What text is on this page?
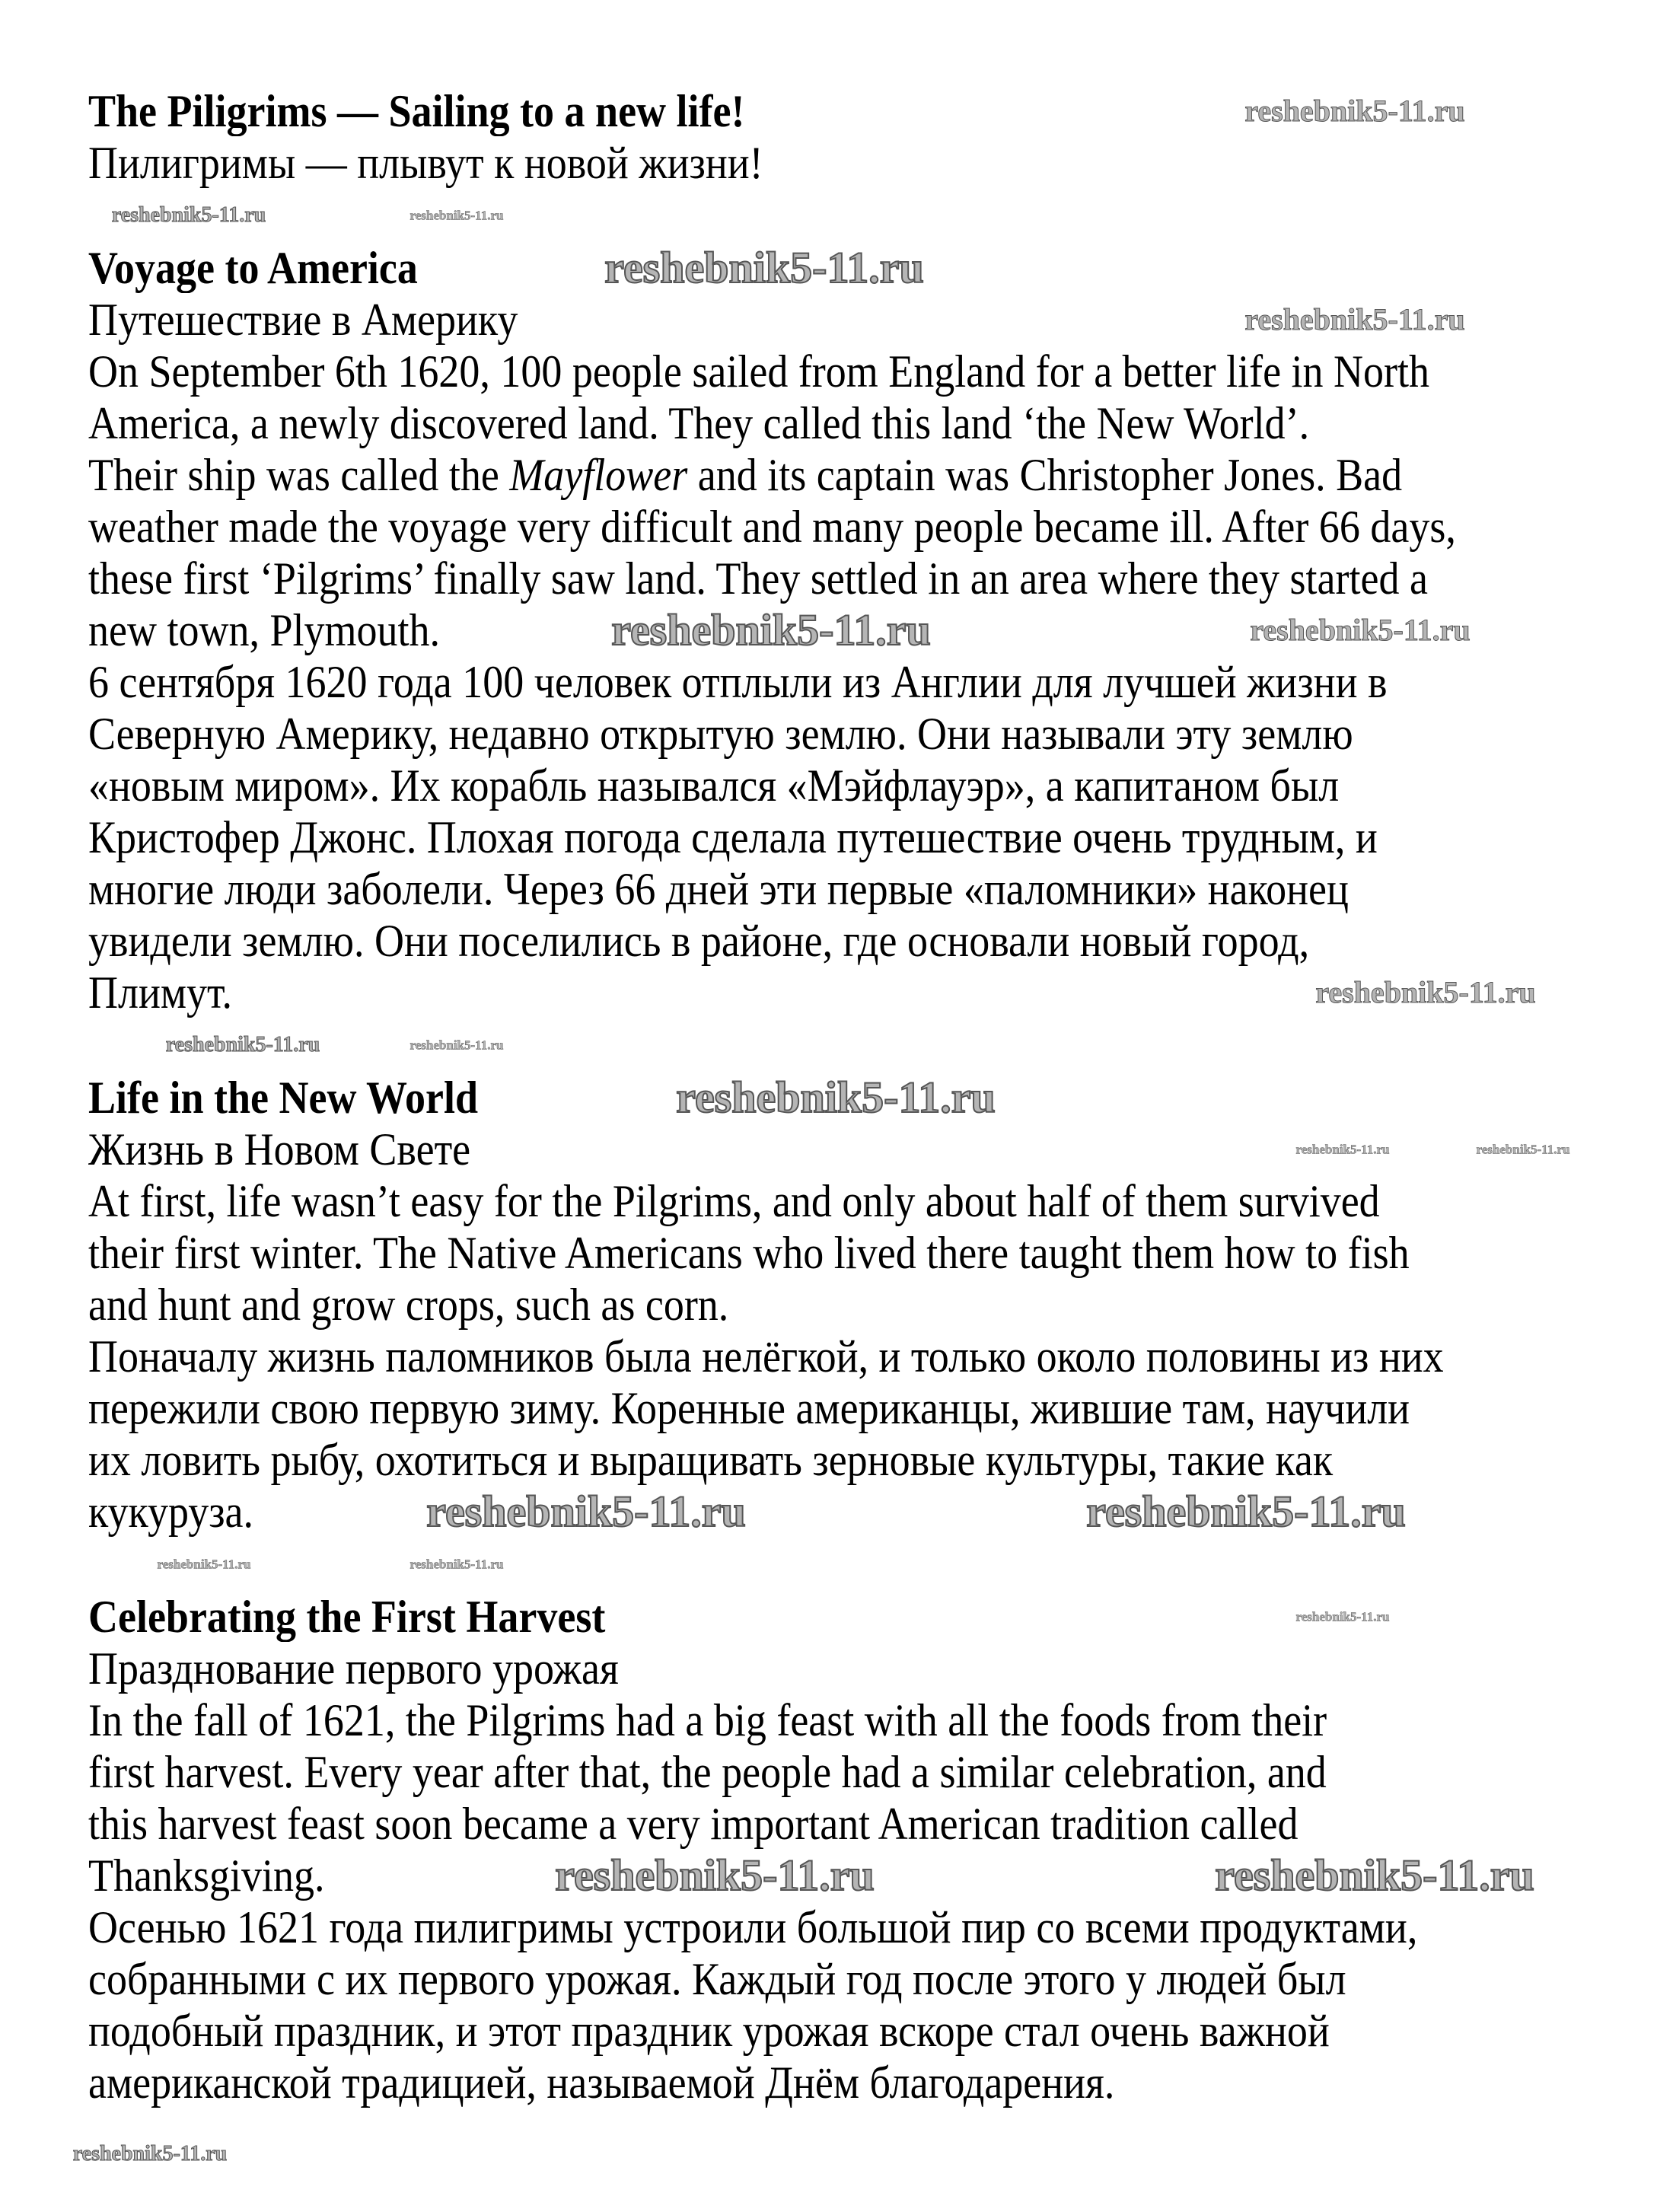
The Piligrims — Sailing to a new life!
Пилигримы — плывут к новой жизни!
Voyage to America
Путешествие в Америку
On September 6th 1620, 100 people sailed from England for a better life in North
America, a newly discovered land. They called this land ‘the New World’.
Their ship was called the Mayflower and its captain was Christopher Jones. Bad
weather made the voyage very difficult and many people became ill. After 66 days,
these first ‘Pilgrims’ finally saw land. They settled in an area where they started a
new town, Plymouth.
6 сентября 1620 года 100 человек отплыли из Англии для лучшей жизни в
Северную Америку, недавно открытую землю. Они называли эту землю
«новым миром». Их корабль назывался «Мэйфлауэр», а капитаном был
Кристофер Джонс. Плохая погода сделала путешествие очень трудным, и
многие люди заболели. Через 66 дней эти первые «паломники» наконец
увидели землю. Они поселились в районе, где основали новый город,
Плимут.
Life in the New World
Жизнь в Новом Свете
At first, life wasn’t easy for the Pilgrims, and only about half of them survived
their first winter. The Native Americans who lived there taught them how to fish
and hunt and grow crops, such as corn.
Поначалу жизнь паломников была нелёгкой, и только около половины из них
пережили свою первую зиму. Коренные американцы, жившие там, научили
их ловить рыбу, охотиться и выращивать зерновые культуры, такие как
кукуруза.
Celebrating the First Harvest
Празднование первого урожая
In the fall of 1621, the Pilgrims had a big feast with all the foods from their
first harvest. Every year after that, the people had a similar celebration, and
this harvest feast soon became a very important American tradition called
Thanksgiving.
Осенью 1621 года пилигримы устроили большой пир со всеми продуктами,
собранными с их первого урожая. Каждый год после этого у людей был
подобный праздник, и этот праздник урожая вскоре стал очень важной
американской традицией, называемой Днём благодарения.
reshebnik5-11.ru
reshebnik5-11.ru
reshebnik5-11.ru
reshebnik5-11.ru
reshebnik5-11.ru
reshebnik5-11.ru
reshebnik5-11.ru	reshebnik5-11.ru
reshebnik5-11.ru
reshebnik5-11.ru
reshebnik5-11.ru
reshebnik5-11.ru
reshebnik5-11.ru	reshebnik5-11.ru
reshebnik5-11.ru	reshebnik5-11.ru
reshebnik5-11.ru
reshebnik5-11.ru	reshebnik5-11.ru
reshebnik5-11.ru
reshebnik5-11.ru
